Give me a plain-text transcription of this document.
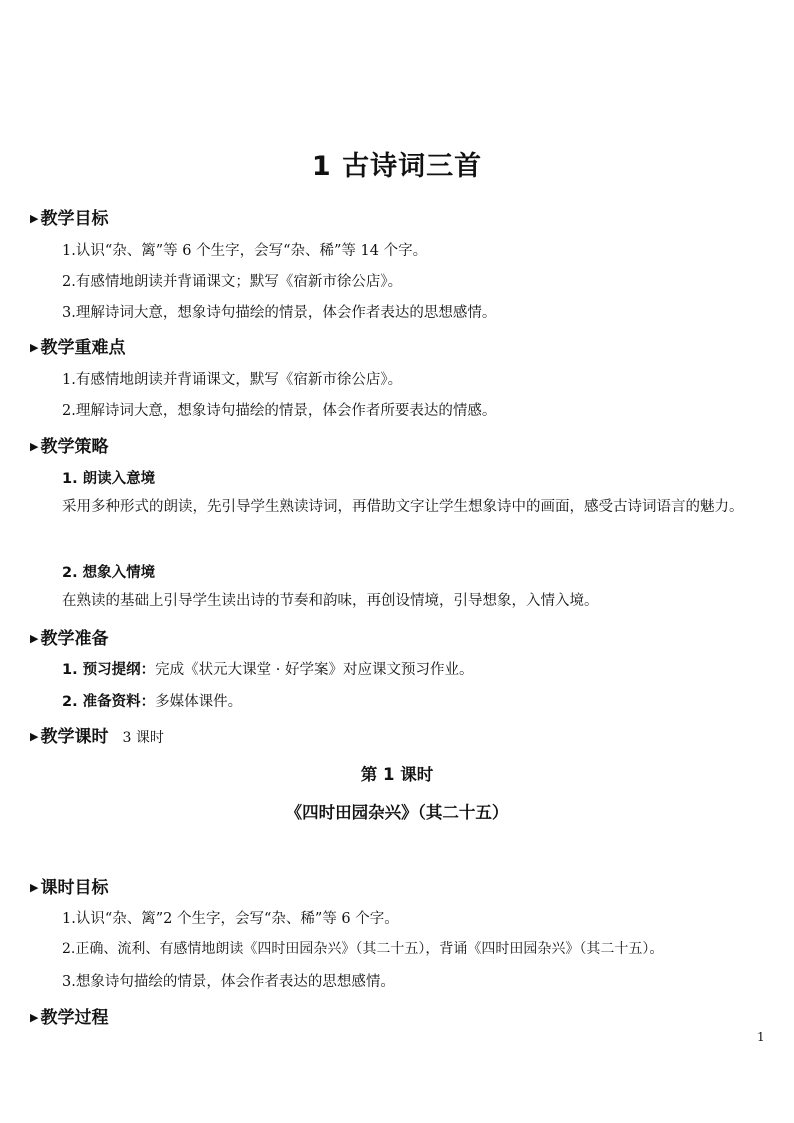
1 古诗词三首
▶ 教学目标
1.认识“杂、篱”等 6 个生字，会写“杂、稀”等 14 个字。
2.有感情地朗读并背诵课文；默写《宿新市徐公店》。
3.理解诗词大意，想象诗句描绘的情景，体会作者表达的思想感情。
▶ 教学重难点
1.有感情地朗读并背诵课文，默写《宿新市徐公店》。
2.理解诗词大意，想象诗句描绘的情景，体会作者所要表达的情感。
▶ 教学策略
1. 朗读入意境
采用多种形式的朗读，先引导学生熟读诗词，再借助文字让学生想象诗中的画面，感受古诗词语言的魅力。
2. 想象入情境
在熟读的基础上引导学生读出诗的节奏和韵味，再创设情境，引导想象，入情入境。
▶ 教学准备
1. 预习提纲：完成《状元大课堂 · 好学案》对应课文预习作业。
2. 准备资料：多媒体课件。
▶ 教学课时 3 课时
第 1 课时
《四时田园杂兴》（其二十五）
▶ 课时目标
1.认识“杂、篱”2 个生字，会写“杂、稀”等 6 个字。
2.正确、流利、有感情地朗读《四时田园杂兴》（其二十五），背诵《四时田园杂兴》（其二十五）。
3.想象诗句描绘的情景，体会作者表达的思想感情。
▶ 教学过程
1
